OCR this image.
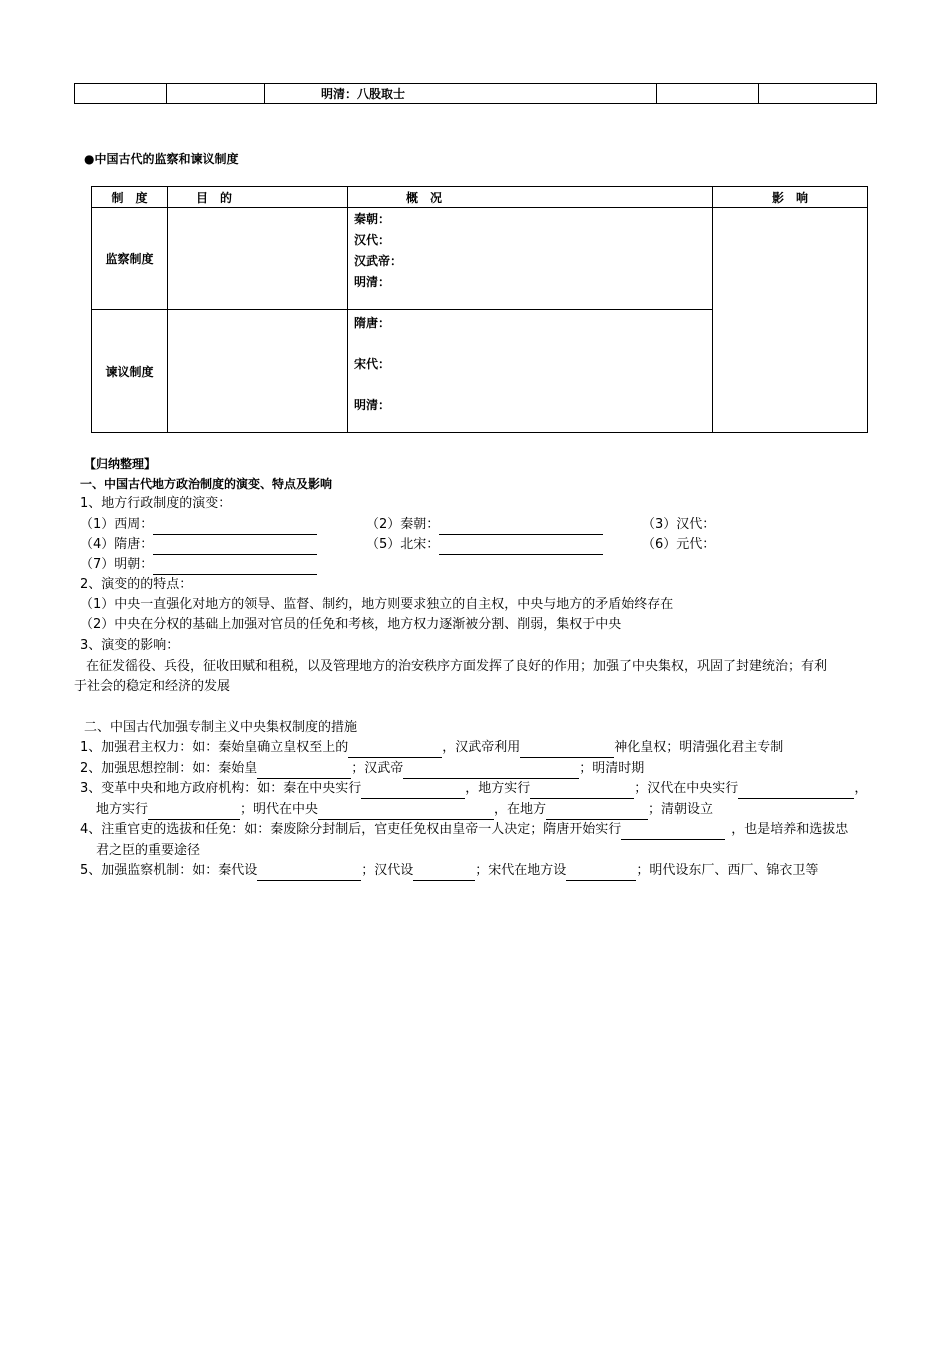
		明清：八股取士		
●中国古代的监察和谏议制度
制　度	目　的	概　况	影　响
监察制度		秦朝：
汉代：
汉武帝：
明清：	

谏议制度		隋唐：
宋代：
明清：	
【归纳整理】
一、中国古代地方政治制度的演变、特点及影响
1、地方行政制度的演变：
（1）西周：	（2）秦朝：	（3）汉代：
（4）隋唐：	（5）北宋：	（6）元代：
（7）明朝：
2、演变的的特点：
（1）中央一直强化对地方的领导、监督、制约，地方则要求独立的自主权，中央与地方的矛盾始终存在
（2）中央在分权的基础上加强对官员的任免和考核，地方权力逐渐被分割、削弱，集权于中央
3、演变的影响：
在征发徭役、兵役，征收田赋和租税，以及管理地方的治安秩序方面发挥了良好的作用；加强了中央集权，巩固了封建统治；有利
于社会的稳定和经济的发展
二、中国古代加强专制主义中央集权制度的措施
1、加强君主权力：如：秦始皇确立皇权至上的	，汉武帝利用	神化皇权；明清强化君主专制
2、加强思想控制：如：秦始皇	；汉武帝	；明清时期
3、变革中央和地方政府机构：如：秦在中央实行	，地方实行	；汉代在中央实行	，
地方实行	；明代在中央	，在地方	；清朝设立
4、注重官吏的选拔和任免：如：秦废除分封制后，官吏任免权由皇帝一人决定；隋唐开始实行	，也是培养和选拔忠
君之臣的重要途径
5、加强监察机制：如：秦代设	；汉代设	；宋代在地方设	；明代设东厂、西厂、锦衣卫等
